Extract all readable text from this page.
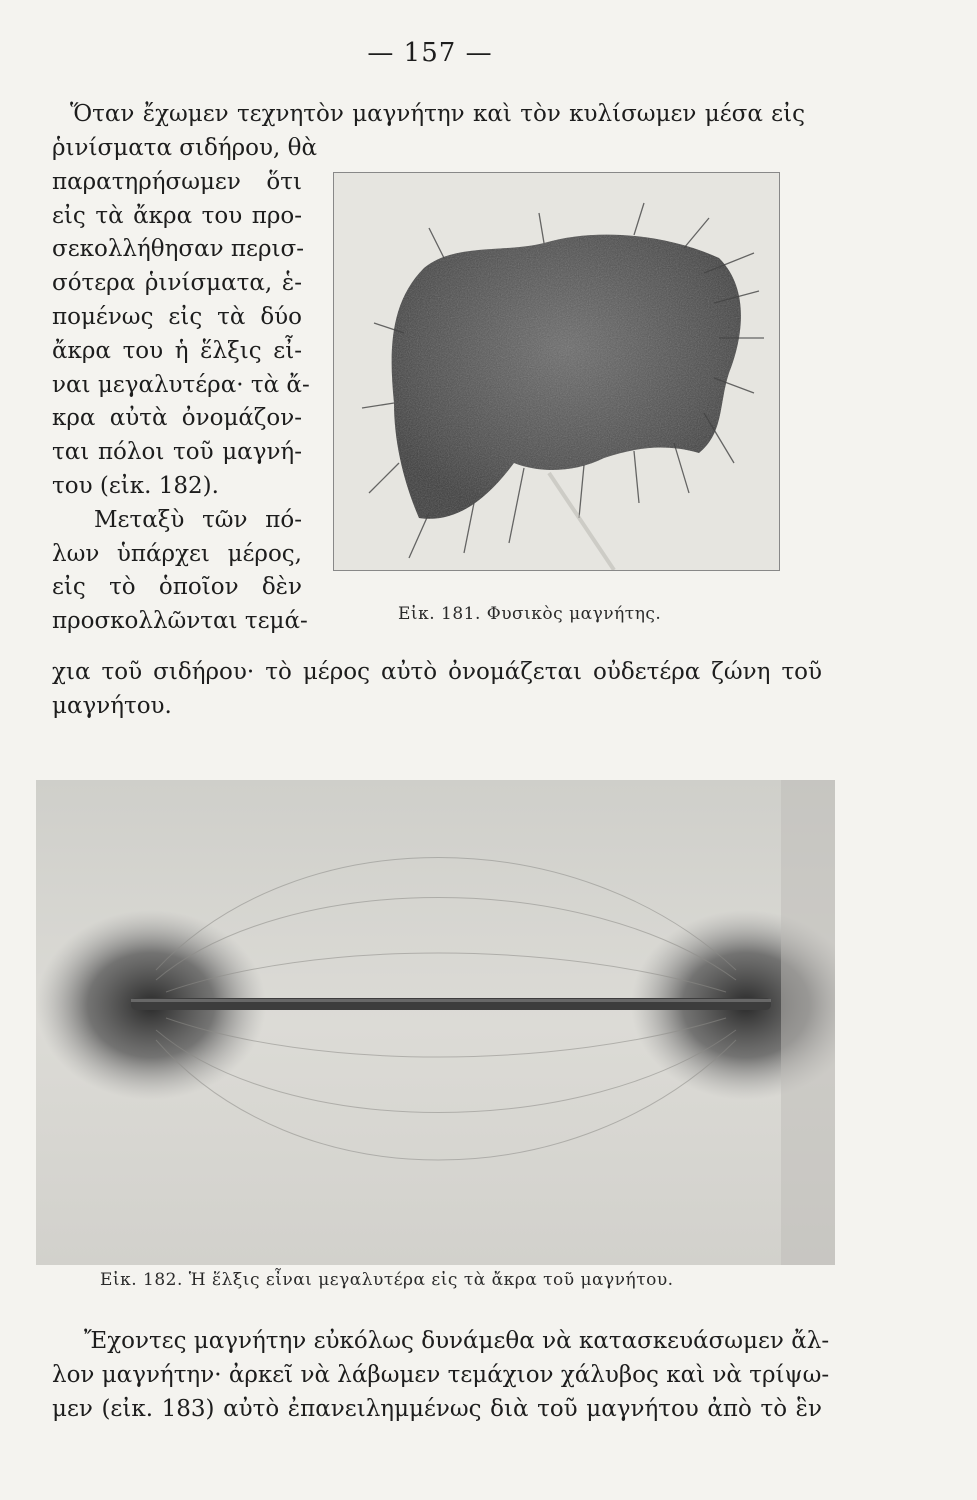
— 157 —
Ὅταν ἔχωμεν τεχνητὸν μαγνήτην καὶ τὸν κυλίσωμεν μέσα εἰς
ῥινίσματα σιδήρου, θὰ
παρατηρήσωμεν ὅτι
εἰς τὰ ἄκρα του προ-
σεκολλήθησαν περισ-
σότερα ῥινίσματα, ἑ-
πομένως εἰς τὰ δύο
ἄκρα του ἡ ἕλξις εἶ-
ναι μεγαλυτέρα· τὰ ἄ-
κρα αὐτὰ ὀνομάζον-
ται πόλοι τοῦ μαγνή-
του (εἰκ. 182).
Μεταξὺ τῶν πό-
λων ὑπάρχει μέρος,
εἰς τὸ ὁποῖον δὲν
προσκολλῶνται τεμά-	Εἰκ. 181. Φυσικὸς μαγνήτης.
χια τοῦ σιδήρου· τὸ μέρος αὐτὸ ὀνομάζεται οὐδετέρα ζώνη τοῦ
μαγνήτου.
Εἰκ. 182. Ἡ ἕλξις εἶναι μεγαλυτέρα εἰς τὰ ἄκρα τοῦ μαγνήτου.
Ἔχοντες μαγνήτην εὐκόλως δυνάμεθα νὰ κατασκευάσωμεν ἄλ-
λον μαγνήτην· ἀρκεῖ νὰ λάβωμεν τεμάχιον χάλυβος καὶ νὰ τρίψω-
μεν (εἰκ. 183) αὐτὸ ἐπανειλημμένως διὰ τοῦ μαγνήτου ἀπὸ τὸ ἓν
